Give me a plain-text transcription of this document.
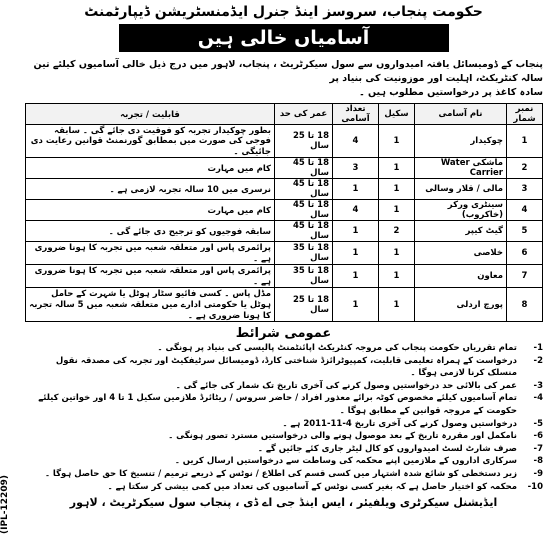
(IPL-12209)
حکومت پنجاب، سروسز اینڈ جنرل ایڈمنسٹریشن ڈیپارٹمنٹ
آسامیاں خالی ہیں
پنجاب کے ڈومیسائل یافتہ امیدواروں سے سول سیکرٹریٹ ، پنجاب، لاہور میں درج ذیل خالی آسامیوں کیلئے تین سالہ کنٹریکٹ، اہلیت اور موزونیت کی بنیاد پر
سادہ کاغذ پر درخواستیں مطلوب ہیں ۔
نمبر شمار	نام آسامی	سکیل	تعداد آسامی	عمر کی حد	قابلیت / تجربہ
1	چوکیدار	1	4	18 تا 25 سال	بطور چوکیدار تجربہ کو فوقیت دی جائے گی ۔ سابقہ فوجی کی صورت میں بمطابق گورنمنٹ قوانین رعایت دی جائیگی ۔
2	ماشکی Water Carrier	1	3	18 تا 45 سال	کام میں مہارت
3	مالی / قلار وسالی	1	1	18 تا 45 سال	نرسری میں 10 سالہ تجربہ لازمی ہے ۔
4	سینٹری ورکر (خاکروب)	1	4	18 تا 45 سال	کام میں مہارت
5	گیٹ کیپر	2	1	18 تا 45 سال	سابقہ فوجیوں کو ترجیح دی جائے گی ۔
6	خلاصی	1	1	18 تا 35 سال	پرائمری پاس اور متعلقہ شعبہ میں تجربہ کا ہونا ضروری ہے ۔
7	معاون	1	1	18 تا 35 سال	پرائمری پاس اور متعلقہ شعبہ میں تجربہ کا ہونا ضروری ہے ۔
8	پورچ اردلی	1	1	18 تا 25 سال	مڈل پاس ۔ کسی فائیو سٹار ہوٹل یا شہرت کے حامل ہوٹل یا حکومتی ادارے میں متعلقہ شعبہ میں 5 سالہ تجربہ کا ہونا ضروری ہے ۔
عمومی شرائط
-1
تمام تقرریاں حکومت پنجاب کی مروجہ کنٹریکٹ اپائنٹمنٹ پالیسی کی بنیاد پر ہونگی ۔
-2
درخواست کے ہمراہ تعلیمی قابلیت، کمپیوٹرائزڈ شناختی کارڈ، ڈومیسائل سرٹیفکیٹ اور تجربہ کی مصدقہ نقول منسلک کرنا لازمی ہوگا ۔
-3
عمر کی بالائی حد درخواستیں وصول کرنے کی آخری تاریخ تک شمار کی جائے گی ۔
-4
تمام آسامیوں کیلئے مخصوص کوٹہ برائے معذور افراد / حاضر سروس / ریٹائرڈ ملازمین سکیل 1 تا 4 اور خواتین کیلئے حکومت کے مروجہ قوانین کے مطابق ہوگا ۔
-5
درخواستیں وصول کرنے کی آخری تاریخ 4-11-2011 ہے ۔
-6
نامکمل اور مقررہ تاریخ کے بعد موصول ہونے والی درخواستیں مسترد تصور ہونگی ۔
-7
صرف شارٹ لسٹ امیدواروں کو کال لیٹر جاری کئے جائیں گے ۔
-8
سرکاری اداروں کے ملازمین اپنے محکمہ کی وساطت سے درخواستیں ارسال کریں ۔
-9
زیر دستخطی کو شائع شدہ اشتہار میں کسی قسم کی اطلاع / نوٹس کے ذریعے ترمیم / تنسیخ کا حق حاصل ہوگا ۔
-10
محکمہ کو اختیار حاصل ہے کہ بغیر کسی نوٹس کے آسامیوں کی تعداد میں کمی بیشی کر سکتا ہے ۔
ایڈیشنل سیکرٹری ویلفیئر ، ایس اینڈ جی اے ڈی ، پنجاب سول سیکرٹریٹ ، لاہور
